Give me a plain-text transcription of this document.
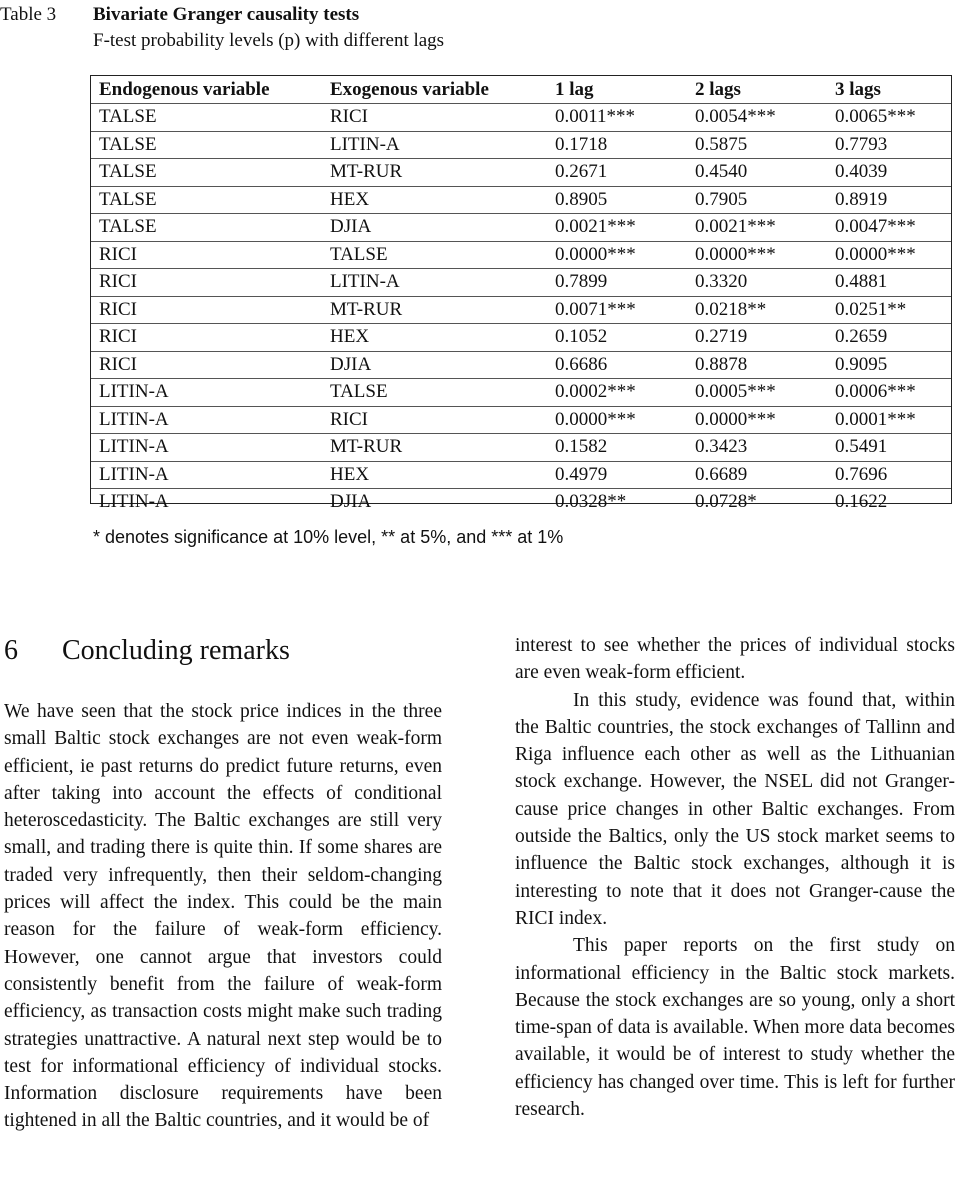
Table 3 Bivariate Granger causality tests
F-test probability levels (p) with different lags
Endogenous variable	Exogenous variable	1 lag	2 lags	3 lags
TALSE	RICI	0.0011***	0.0054***	0.0065***
TALSE	LITIN-A	0.1718	0.5875	0.7793
TALSE	MT-RUR	0.2671	0.4540	0.4039
TALSE	HEX	0.8905	0.7905	0.8919
TALSE	DJIA	0.0021***	0.0021***	0.0047***
RICI	TALSE	0.0000***	0.0000***	0.0000***
RICI	LITIN-A	0.7899	0.3320	0.4881
RICI	MT-RUR	0.0071***	0.0218**	0.0251**
RICI	HEX	0.1052	0.2719	0.2659
RICI	DJIA	0.6686	0.8878	0.9095
LITIN-A	TALSE	0.0002***	0.0005***	0.0006***
LITIN-A	RICI	0.0000***	0.0000***	0.0001***
LITIN-A	MT-RUR	0.1582	0.3423	0.5491
LITIN-A	HEX	0.4979	0.6689	0.7696
LITIN-A	DJIA	0.0328**	0.0728*	0.1622
* denotes significance at 10% level, ** at 5%, and *** at 1%
6 Concluding remarks

We have seen that the stock price indices in the three small Baltic stock exchanges are not even weak-form efficient, ie past returns do predict future returns, even after taking into account the effects of conditional heteroscedasticity. The Baltic exchanges are still very small, and trading there is quite thin. If some shares are traded very infrequently, then their seldom-changing prices will affect the index. This could be the main reason for the failure of weak-form efficiency. However, one cannot argue that investors could consistently benefit from the failure of weak-form efficiency, as transaction costs might make such trading strategies unattractive. A natural next step would be to test for informational efficiency of individual stocks. Information disclosure requirements have been tightened in all the Baltic countries, and it would be of

interest to see whether the prices of individual stocks are even weak-form efficient.

In this study, evidence was found that, within the Baltic countries, the stock exchanges of Tallinn and Riga influence each other as well as the Lithuanian stock exchange. However, the NSEL did not Granger-cause price changes in other Baltic exchanges. From outside the Baltics, only the US stock market seems to influence the Baltic stock exchanges, although it is interesting to note that it does not Granger-cause the RICI index.

This paper reports on the first study on informational efficiency in the Baltic stock markets. Because the stock exchanges are so young, only a short time-span of data is available. When more data becomes available, it would be of interest to study whether the efficiency has changed over time. This is left for further research.
